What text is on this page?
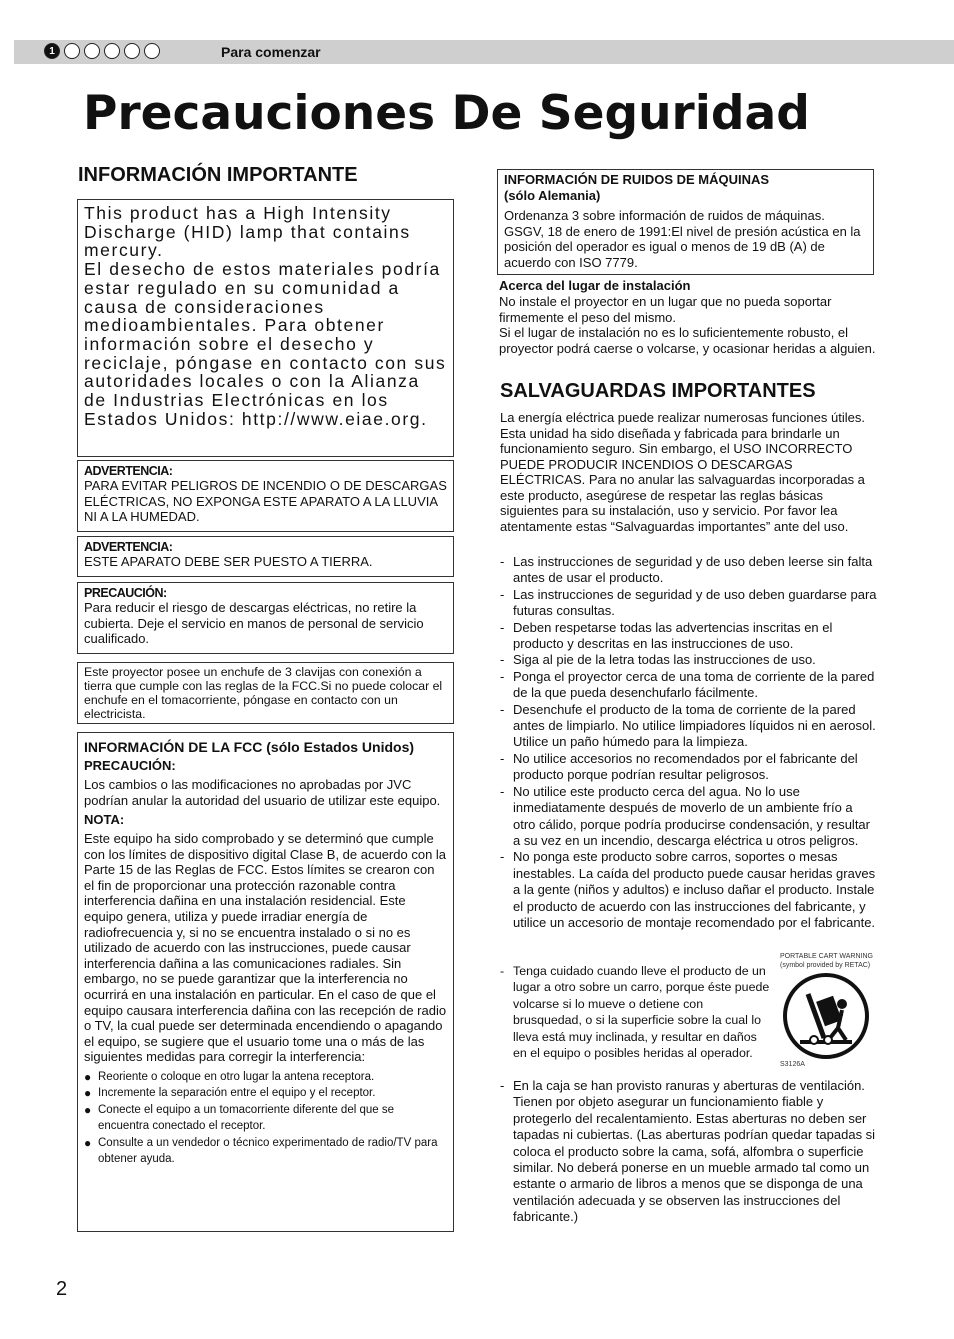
1	Para comenzar
Precauciones De Seguridad
INFORMACIÓN IMPORTANTE
This product has a High Intensity Discharge (HID) lamp that contains mercury.
El desecho de estos materiales podría estar regulado en su comunidad a causa de consideraciones medioambientales. Para obtener información sobre el desecho y reciclaje, póngase en contacto con sus autoridades locales o con la Alianza de Industrias Electrónicas en los Estados Unidos: http://www.eiae.org.
ADVERTENCIA:
PARA EVITAR PELIGROS DE INCENDIO O DE DESCARGAS ELÉCTRICAS, NO EXPONGA ESTE APARATO A LA LLUVIA NI A LA HUMEDAD.
ADVERTENCIA:
ESTE APARATO DEBE SER PUESTO A TIERRA.
PRECAUCIÓN:
Para reducir el riesgo de descargas eléctricas, no retire la cubierta. Deje el servicio en manos de personal de servicio cualificado.
Este proyector posee un enchufe de 3 clavijas con conexión a tierra que cumple con las reglas de la FCC.Si no puede colocar el enchufe en el tomacorriente, póngase en contacto con un electricista.
INFORMACIÓN DE LA FCC (sólo Estados Unidos)
PRECAUCIÓN:
Los cambios o las modificaciones no aprobadas por JVC podrían anular la autoridad del usuario de utilizar este equipo.
NOTA:
Este equipo ha sido comprobado y se determinó que cumple con los límites de dispositivo digital Clase B, de acuerdo con la Parte 15 de las Reglas de FCC. Estos límites se crearon con el fin de proporcionar una protección razonable contra interferencia dañina en una instalación residencial. Este equipo genera, utiliza y puede irradiar energía de radiofrecuencia y, si no se encuentra instalado o si no es utilizado de acuerdo con las instrucciones, puede causar interferencia dañina a las comunicaciones radiales. Sin embargo, no se puede garantizar que la interferencia no ocurrirá en una instalación en particular. En el caso de que el equipo causara interferencia dañina con las recepción de radio o TV, la cual puede ser determinada encendiendo o apagando el equipo, se sugiere que el usuario tome una o más de las siguientes medidas para corregir la interferencia:
● Reoriente o coloque en otro lugar la antena receptora.
● Incremente la separación entre el equipo y el receptor.
● Conecte el equipo a un tomacorriente diferente del que se encuentra conectado el receptor.
● Consulte a un vendedor o técnico experimentado de radio/TV para obtener ayuda.
INFORMACIÓN DE RUIDOS DE MÁQUINAS
(sólo Alemania)
Ordenanza 3 sobre información de ruidos de máquinas. GSGV, 18 de enero de 1991:El nivel de presión acústica en la posición del operador es igual o menos de 19 dB (A) de acuerdo con ISO 7779.
Acerca del lugar de instalación
No instale el proyector en un lugar que no pueda soportar firmemente el peso del mismo.
Si el lugar de instalación no es lo suficientemente robusto, el proyector podrá caerse o volcarse, y ocasionar heridas a alguien.
SALVAGUARDAS IMPORTANTES
La energía eléctrica puede realizar numerosas funciones útiles. Esta unidad ha sido diseñada y fabricada para brindarle un funcionamiento seguro. Sin embargo, el USO INCORRECTO PUEDE PRODUCIR INCENDIOS O DESCARGAS ELÉCTRICAS. Para no anular las salvaguardas incorporadas a este producto, asegúrese de respetar las reglas básicas siguientes para su instalación, uso y servicio. Por favor lea atentamente estas “Salvaguardas importantes” ante del uso.
- Las instrucciones de seguridad y de uso deben leerse sin falta antes de usar el producto.
- Las instrucciones de seguridad y de uso deben guardarse para futuras consultas.
- Deben respetarse todas las advertencias inscritas en el producto y descritas en las instrucciones de uso.
- Siga al pie de la letra todas las instrucciones de uso.
- Ponga el proyector cerca de una toma de corriente de la pared de la que pueda desenchufarlo fácilmente.
- Desenchufe el producto de la toma de corriente de la pared antes de limpiarlo. No utilice limpiadores líquidos ni en aerosol. Utilice un paño húmedo para la limpieza.
- No utilice accesorios no recomendados por el fabricante del producto porque podrían resultar peligrosos.
- No utilice este producto cerca del agua. No lo use inmediatamente después de moverlo de un ambiente frío a otro cálido, porque podría producirse condensación, y resultar a su vez en un incendio, descarga eléctrica u otros peligros.
- No ponga este producto sobre carros, soportes o mesas inestables. La caída del producto puede causar heridas graves a la gente (niños y adultos) e incluso dañar el producto. Instale el producto de acuerdo con las instrucciones del fabricante, y utilice un accesorio de montaje recomendado por el fabricante.
- Tenga cuidado cuando lleve el producto de un lugar a otro sobre un carro, porque éste puede volcarse si lo mueve o detiene con brusquedad, o si la superficie sobre la cual lo lleva está muy inclinada, y resultar en daños en el equipo o posibles heridas al operador.
PORTABLE CART WARNING
(symbol provided by RETAC)
S3126A
- En la caja se han provisto ranuras y aberturas de ventilación. Tienen por objeto asegurar un funcionamiento fiable y protegerlo del recalentamiento. Estas aberturas no deben ser tapadas ni cubiertas. (Las aberturas podrían quedar tapadas si coloca el producto sobre la cama, sofá, alfombra o superficie similar. No deberá ponerse en un mueble armado tal como un estante o armario de libros a menos que se disponga de una ventilación adecuada y se observen las instrucciones del fabricante.)
2
